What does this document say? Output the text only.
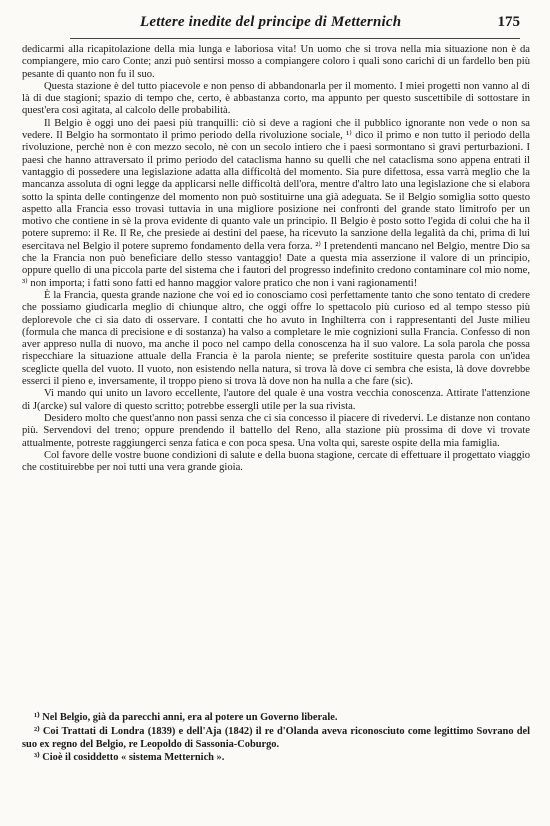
Lettere inedite del principe di Metternich	175

dedicarmi alla ricapitolazione della mia lunga e laboriosa vita! Un uomo che si trova nella mia situazione non è da compiangere, mio caro Conte; anzi può sentirsi mosso a compiangere coloro i quali sono carichi di un fardello ben più pesante di quanto non fu il suo.

Questa stazione è del tutto piacevole e non penso di abbandonarla per il momento. I miei progetti non vanno al di là di due stagioni; spazio di tempo che, certo, è abbastanza corto, ma appunto per questo suscettibile di sottostare in quest'era così agitata, al calcolo delle probabilità.

Il Belgio è oggi uno dei paesi più tranquilli: ciò si deve a ragioni che il pubblico ignorante non vede o non sa vedere. Il Belgio ha sormontato il primo periodo della rivoluzione sociale, ¹⁾ dico il primo e non tutto il periodo della rivoluzione, perchè non è con mezzo secolo, nè con un secolo intiero che i paesi sormontano sì gravi perturbazioni. I paesi che hanno attraversato il primo periodo del cataclisma hanno su quelli che nel cataclisma sono appena entrati il vantaggio di possedere una legislazione adatta alla difficoltà del momento. Sia pure difettosa, essa varrà meglio che la mancanza assoluta di ogni legge da applicarsi nelle difficoltà dell'ora, mentre d'altro lato una legislazione che si elabora sotto la spinta delle contingenze del momento non può sostituirne una già adeguata. Se il Belgio somiglia sotto questo aspetto alla Francia esso trovasi tuttavia in una migliore posizione nei confronti del grande stato limitrofo per un motivo che contiene in sè la prova evidente di quanto vale un principio. Il Belgio è posto sotto l'egida di colui che ha il potere supremo: il Re. Il Re, che presiede ai destini del paese, ha ricevuto la sanzione della legalità da chi, prima di lui esercitava nel Belgio il potere supremo fondamento della vera forza. ²⁾ I pretendenti mancano nel Belgio, mentre Dio sa che la Francia non può beneficiare dello stesso vantaggio! Date a questa mia asserzione il valore di un principio, oppure quello di una piccola parte del sistema che i fautori del progresso indefinito credono contaminare col mio nome, ³⁾ non importa; i fatti sono fatti ed hanno maggior valore pratico che non i vani ragionamenti!

È la Francia, questa grande nazione che voi ed io conosciamo così perfettamente tanto che sono tentato di credere che possiamo giudicarla meglio di chiunque altro, che oggi offre lo spettacolo più curioso ed al tempo stesso più deplorevole che ci sia dato di osservare. I contatti che ho avuto in Inghilterra con i rappresentanti del Juste milieu (formula che manca di precisione e di sostanza) ha valso a completare le mie cognizioni sulla Francia. Confesso di non aver appreso nulla di nuovo, ma anche il poco nel campo della conoscenza ha il suo valore. La sola parola che possa rispecchiare la situazione attuale della Francia è la parola niente; se preferite sostituire questa parola con un'idea sceglicte quella del vuoto. Il vuoto, non esistendo nella natura, si trova là dove ci sembra che esista, là dove dovrebbe esserci il pieno e, inversamente, il troppo pieno si trova là dove non ha nulla a che fare (sic).

Vi mando qui unito un lavoro eccellente, l'autore del quale è una vostra vecchia conoscenza. Attirate l'attenzione di J(arcke) sul valore di questo scritto; potrebbe essergli utile per la sua rivista.

Desidero molto che quest'anno non passi senza che ci sia concesso il piacere di rivedervi. Le distanze non contano più. Servendovi del treno; oppure prendendo il battello del Reno, alla stazione più prossima di dove vi trovate attualmente, potreste raggiungerci senza fatica e con poca spesa. Una volta qui, sareste ospite della mia famiglia.

Col favore delle vostre buone condizioni di salute e della buona stagione, cercate di effettuare il progettato viaggio che costituirebbe per noi tutti una vera grande gioia.

¹⁾ Nel Belgio, già da parecchi anni, era al potere un Governo liberale.

²⁾ Coi Trattati di Londra (1839) e dell'Aja (1842) il re d'Olanda aveva riconosciuto come legittimo Sovrano del suo ex regno del Belgio, re Leopoldo di Sassonia-Coburgo.

³⁾ Cioè il cosiddetto « sistema Metternich ».
